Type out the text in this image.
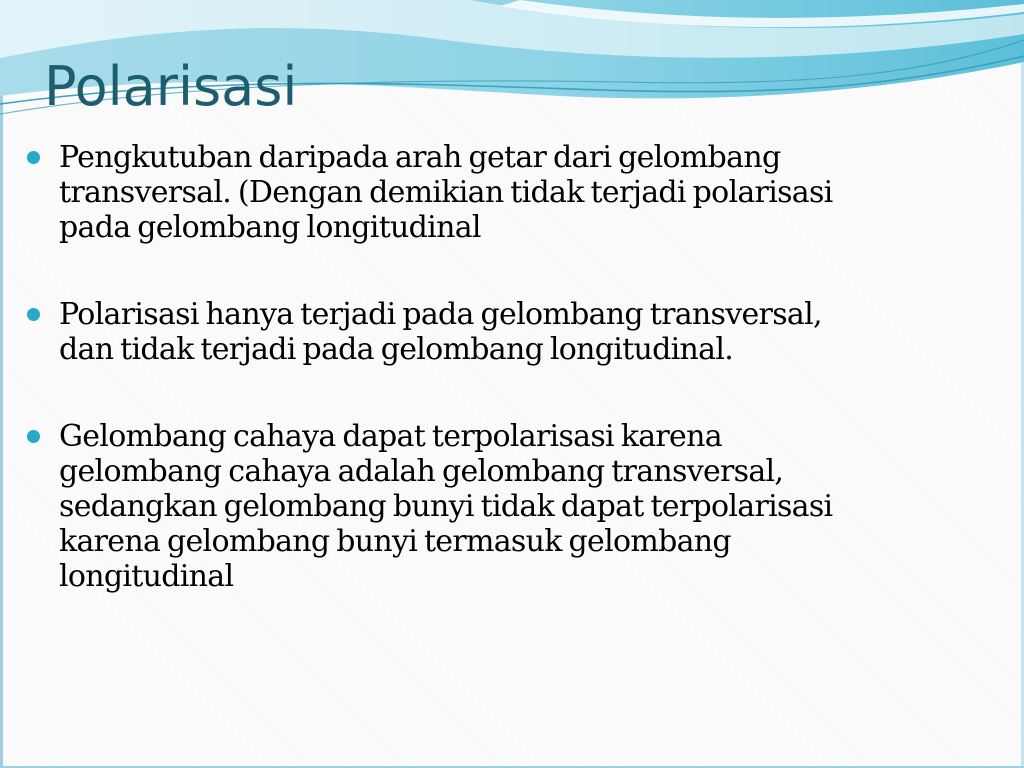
Polarisasi
Pengkutuban daripada arah getar dari gelombang
transversal. (Dengan demikian tidak terjadi polarisasi
pada gelombang longitudinal
Polarisasi hanya terjadi pada gelombang transversal,
dan tidak terjadi pada gelombang longitudinal.
Gelombang cahaya dapat terpolarisasi karena
gelombang cahaya adalah gelombang transversal,
sedangkan gelombang bunyi tidak dapat terpolarisasi
karena gelombang bunyi termasuk gelombang
longitudinal
